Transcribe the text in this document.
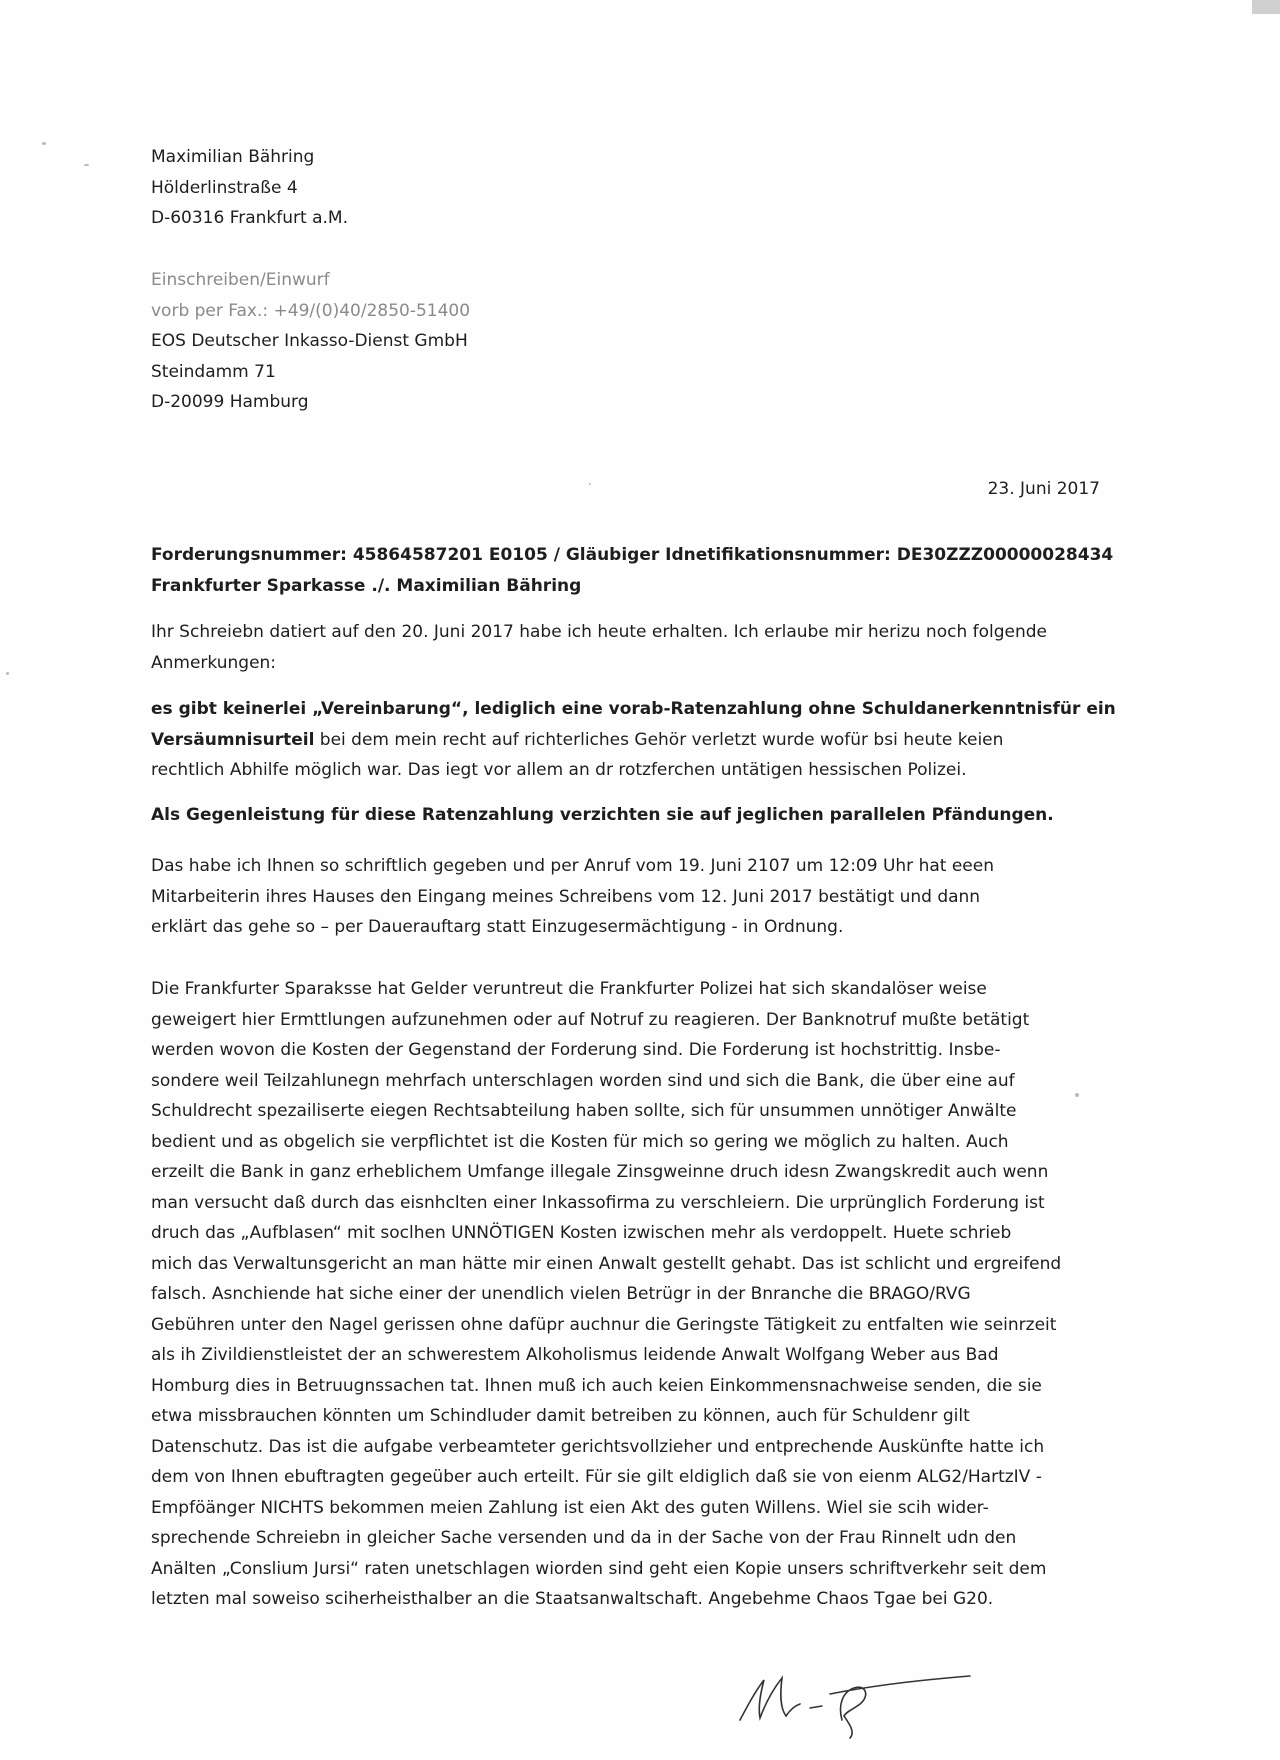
Maximilian Bähring
Hölderlinstraße 4
D-60316 Frankfurt a.M.
Einschreiben/Einwurf
vorb per Fax.: +49/(0)40/2850-51400
EOS Deutscher Inkasso-Dienst GmbH
Steindamm 71
D-20099 Hamburg
23. Juni 2017
Forderungsnummer: 45864587201 E0105 / Gläubiger Idnetifikationsnummer: DE30ZZZ00000028434
Frankfurter Sparkasse ./. Maximilian Bähring
Ihr Schreiebn datiert auf den 20. Juni 2017 habe ich heute erhalten. Ich erlaube mir herizu noch folgende
Anmerkungen:
es gibt keinerlei „Vereinbarung“, lediglich eine vorab-Ratenzahlung ohne Schuldanerkenntnisfür ein
Versäumnisurteil bei dem mein recht auf richterliches Gehör verletzt wurde wofür bsi heute keien
rechtlich Abhilfe möglich war. Das iegt vor allem an dr rotzferchen untätigen hessischen Polizei.
Als Gegenleistung für diese Ratenzahlung verzichten sie auf jeglichen parallelen Pfändungen.
Das habe ich Ihnen so schriftlich gegeben und per Anruf vom 19. Juni 2107 um 12:09 Uhr hat eeen
Mitarbeiterin ihres Hauses den Eingang meines Schreibens vom 12. Juni 2017 bestätigt und dann
erklärt das gehe so – per Dauerauftarg statt Einzugesermächtigung - in Ordnung.
Die Frankfurter Sparaksse hat Gelder veruntreut die Frankfurter Polizei hat sich skandalöser weise
geweigert hier Ermttlungen aufzunehmen oder auf Notruf zu reagieren. Der Banknotruf mußte betätigt
werden wovon die Kosten der Gegenstand der Forderung sind. Die Forderung ist hochstrittig. Insbe-
sondere weil Teilzahlunegn mehrfach unterschlagen worden sind und sich die Bank, die über eine auf
Schuldrecht spezailiserte eiegen Rechtsabteilung haben sollte, sich für unsummen unnötiger Anwälte
bedient und as obgelich sie verpflichtet ist die Kosten für mich so gering we möglich zu halten. Auch
erzeilt die Bank in ganz erheblichem Umfange illegale Zinsgweinne druch idesn Zwangskredit auch wenn
man versucht daß durch das eisnhclten einer Inkassofirma zu verschleiern. Die urprünglich Forderung ist
druch das „Aufblasen“ mit soclhen UNNÖTIGEN Kosten izwischen mehr als verdoppelt. Huete schrieb
mich das Verwaltunsgericht an man hätte mir einen Anwalt gestellt gehabt. Das ist schlicht und ergreifend
falsch. Asnchiende hat siche einer der unendlich vielen Betrügr in der Bnranche die BRAGO/RVG
Gebühren unter den Nagel gerissen ohne dafüpr auchnur die Geringste Tätigkeit zu entfalten wie seinrzeit
als ih Zivildienstleistet der an schwerestem Alkoholismus leidende Anwalt Wolfgang Weber aus Bad
Homburg dies in Betruugnssachen tat. Ihnen muß ich auch keien Einkommensnachweise senden, die sie
etwa missbrauchen könnten um Schindluder damit betreiben zu können, auch für Schuldenr gilt
Datenschutz. Das ist die aufgabe verbeamteter gerichtsvollzieher und entprechende Auskünfte hatte ich
dem von Ihnen ebuftragten gegeüber auch erteilt. Für sie gilt eldiglich daß sie von eienm ALG2/HartzIV -
Empföänger NICHTS bekommen meien Zahlung ist eien Akt des guten Willens. Wiel sie scih wider-
sprechende Schreiebn in gleicher Sache versenden und da in der Sache von der Frau Rinnelt udn den
Anälten „Conslium Jursi“ raten unetschlagen wiorden sind geht eien Kopie unsers schriftverkehr seit dem
letzten mal soweiso sciherheisthalber an die Staatsanwaltschaft. Angebehme Chaos Tgae bei G20.
